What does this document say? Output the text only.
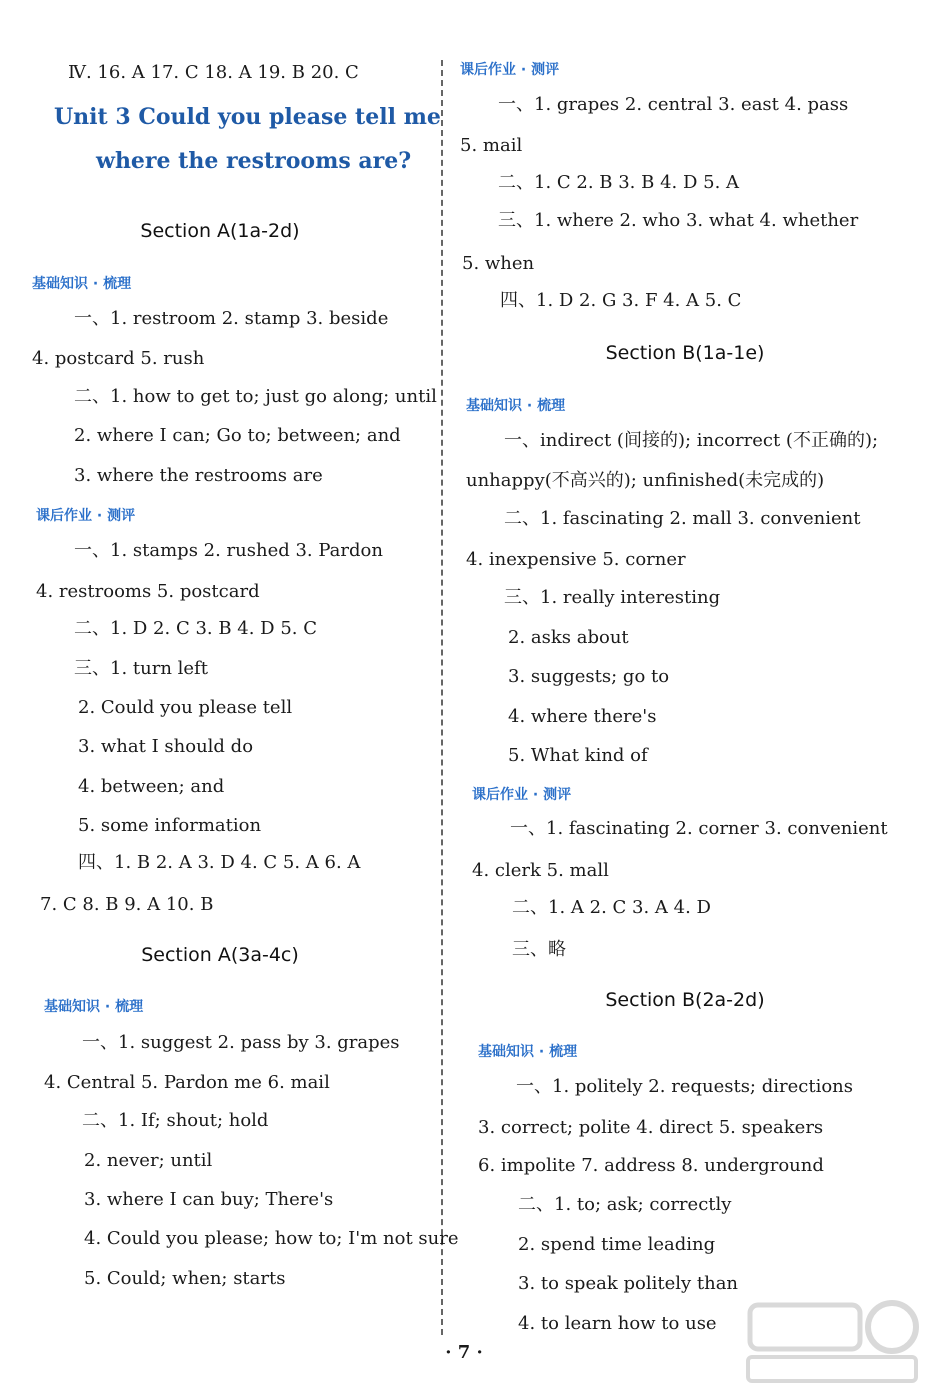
Ⅳ. 16. A 17. C 18. A 19. B 20. C
Unit 3 Could you please tell me
where the restrooms are?
Section A(1a-2d)
基础知识 · 梳理
一、1. restroom 2. stamp 3. beside
4. postcard 5. rush
二、1. how to get to; just go along; until
2. where I can; Go to; between; and
3. where the restrooms are
课后作业 · 测评
一、1. stamps 2. rushed 3. Pardon
4. restrooms 5. postcard
二、1. D 2. C 3. B 4. D 5. C
三、1. turn left
2. Could you please tell
3. what I should do
4. between; and
5. some information
四、1. B 2. A 3. D 4. C 5. A 6. A
7. C 8. B 9. A 10. B
Section A(3a-4c)
基础知识 · 梳理
一、1. suggest 2. pass by 3. grapes
4. Central 5. Pardon me 6. mail
二、1. If; shout; hold
2. never; until
3. where I can buy; There's
4. Could you please; how to; I'm not sure
5. Could; when; starts
课后作业 · 测评
一、1. grapes 2. central 3. east 4. pass
5. mail
二、1. C 2. B 3. B 4. D 5. A
三、1. where 2. who 3. what 4. whether
5. when
四、1. D 2. G 3. F 4. A 5. C
Section B(1a-1e)
基础知识 · 梳理
一、indirect (间接的); incorrect (不正确的);
unhappy(不高兴的); unfinished(未完成的)
二、1. fascinating 2. mall 3. convenient
4. inexpensive 5. corner
三、1. really interesting
2. asks about
3. suggests; go to
4. where there's
5. What kind of
课后作业 · 测评
一、1. fascinating 2. corner 3. convenient
4. clerk 5. mall
二、1. A 2. C 3. A 4. D
三、略
Section B(2a-2d)
基础知识 · 梳理
一、1. politely 2. requests; directions
3. correct; polite 4. direct 5. speakers
6. impolite 7. address 8. underground
二、1. to; ask; correctly
2. spend time leading
3. to speak politely than
4. to learn how to use
· 7 ·
